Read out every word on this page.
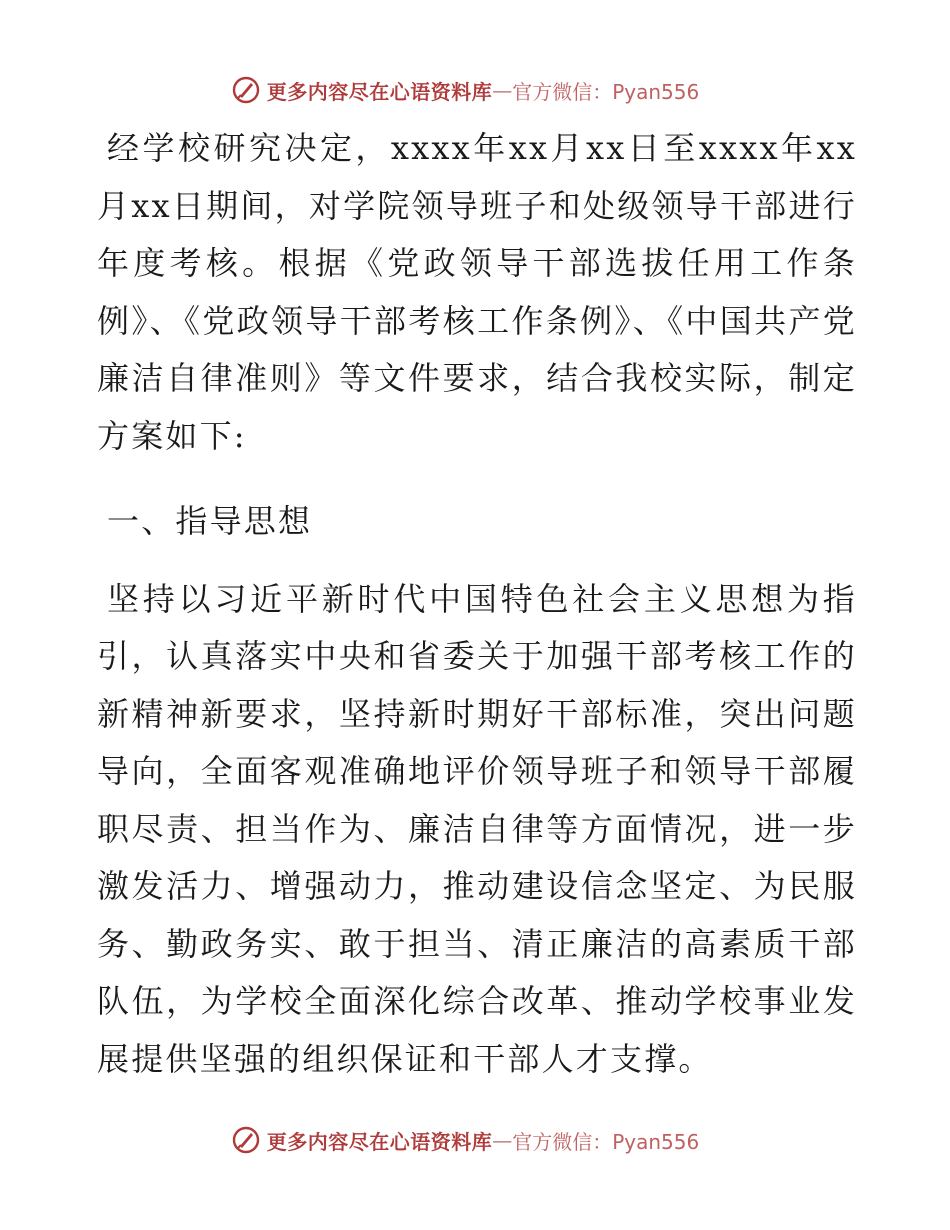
更多内容尽在心语资料库 — 官方微信：Pyan556

经学校研究决定，xxxx年xx月xx日至xxxx年xx月xx日期间，对学院领导班子和处级领导干部进行年度考核。根据《党政领导干部选拔任用工作条例》、《党政领导干部考核工作条例》、《中国共产党廉洁自律准则》等文件要求，结合我校实际，制定方案如下:

一、指导思想

坚持以习近平新时代中国特色社会主义思想为指引，认真落实中央和省委关于加强干部考核工作的新精神新要求，坚持新时期好干部标准，突出问题导向，全面客观准确地评价领导班子和领导干部履职尽责、担当作为、廉洁自律等方面情况，进一步激发活力、增强动力，推动建设信念坚定、为民服务、勤政务实、敢于担当、清正廉洁的高素质干部队伍，为学校全面深化综合改革、推动学校事业发展提供坚强的组织保证和干部人才支撑。

更多内容尽在心语资料库 — 官方微信：Pyan556
